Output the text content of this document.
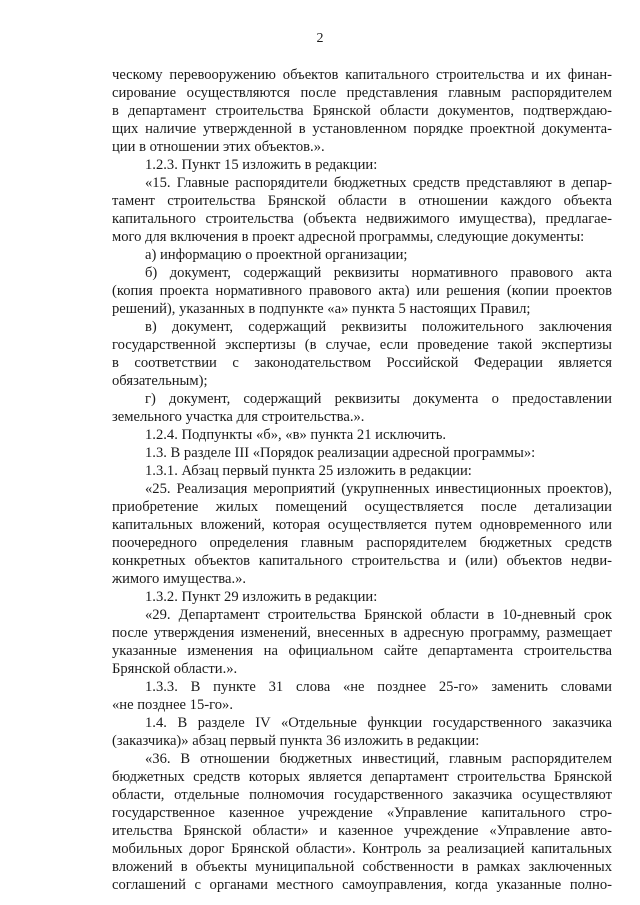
2
ческому перевооружению объектов капитального строительства и их финан-
сирование осуществляются после представления главным распорядителем
в департамент строительства Брянской области документов, подтверждаю-
щих наличие утвержденной в установленном порядке проектной документа-
ции в отношении этих объектов.».
1.2.3. Пункт 15 изложить в редакции:
«15. Главные распорядители бюджетных средств представляют в депар-
тамент строительства Брянской области в отношении каждого объекта
капитального строительства (объекта недвижимого имущества), предлагае-
мого для включения в проект адресной программы, следующие документы:
а) информацию о проектной организации;
б) документ, содержащий реквизиты нормативного правового акта
(копия проекта нормативного правового акта) или решения (копии проектов
решений), указанных в подпункте «а» пункта 5 настоящих Правил;
в) документ, содержащий реквизиты положительного заключения
государственной экспертизы (в случае, если проведение такой экспертизы
в соответствии с законодательством Российской Федерации является
обязательным);
г) документ, содержащий реквизиты документа о предоставлении
земельного участка для строительства.».
1.2.4. Подпункты «б», «в» пункта 21 исключить.
1.3. В разделе III «Порядок реализации адресной программы»:
1.3.1. Абзац первый пункта 25 изложить в редакции:
«25. Реализация мероприятий (укрупненных инвестиционных проектов),
приобретение жилых помещений осуществляется после детализации
капитальных вложений, которая осуществляется путем одновременного или
поочередного определения главным распорядителем бюджетных средств
конкретных объектов капитального строительства и (или) объектов недви-
жимого имущества.».
1.3.2. Пункт 29 изложить в редакции:
«29. Департамент строительства Брянской области в 10-дневный срок
после утверждения изменений, внесенных в адресную программу, размещает
указанные изменения на официальном сайте департамента строительства
Брянской области.».
1.3.3. В пункте 31 слова «не позднее 25-го» заменить словами
«не позднее 15-го».
1.4. В разделе IV «Отдельные функции государственного заказчика
(заказчика)» абзац первый пункта 36 изложить в редакции:
«36. В отношении бюджетных инвестиций, главным распорядителем
бюджетных средств которых является департамент строительства Брянской
области, отдельные полномочия государственного заказчика осуществляют
государственное казенное учреждение «Управление капитального стро-
ительства Брянской области» и казенное учреждение «Управление авто-
мобильных дорог Брянской области». Контроль за реализацией капитальных
вложений в объекты муниципальной собственности в рамках заключенных
соглашений с органами местного самоуправления, когда указанные полно-
